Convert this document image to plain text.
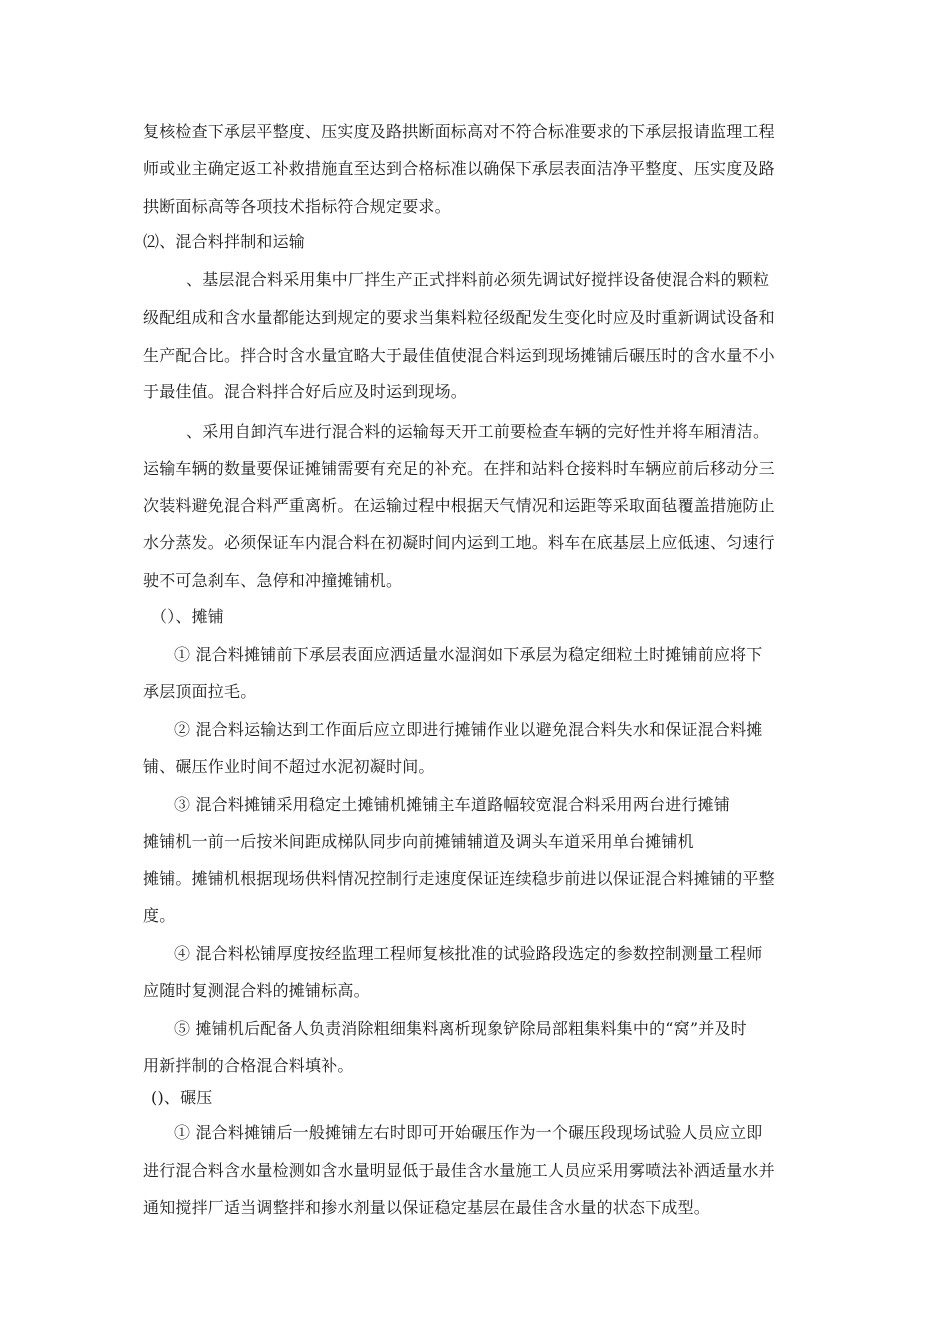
复核检查下承层平整度、压实度及路拱断面标高对不符合标准要求的下承层报请监理工程
师或业主确定返工补救措施直至达到合格标准以确保下承层表面洁净平整度、压实度及路
拱断面标高等各项技术指标符合规定要求。
⑵、混合料拌制和运输
、基层混合料采用集中厂拌生产正式拌料前必须先调试好搅拌设备使混合料的颗粒
级配组成和含水量都能达到规定的要求当集料粒径级配发生变化时应及时重新调试设备和
生产配合比。拌合时含水量宜略大于最佳值使混合料运到现场摊铺后碾压时的含水量不小
于最佳值。混合料拌合好后应及时运到现场。
、采用自卸汽车进行混合料的运输每天开工前要检查车辆的完好性并将车厢清洁。
运输车辆的数量要保证摊铺需要有充足的补充。在拌和站料仓接料时车辆应前后移动分三
次装料避免混合料严重离析。在运输过程中根据天气情况和运距等采取面毡覆盖措施防止
水分蒸发。必须保证车内混合料在初凝时间内运到工地。料车在底基层上应低速、匀速行
驶不可急刹车、急停和冲撞摊铺机。
（）、摊铺
① 混合料摊铺前下承层表面应洒适量水湿润如下承层为稳定细粒土时摊铺前应将下
承层顶面拉毛。
② 混合料运输达到工作面后应立即进行摊铺作业以避免混合料失水和保证混合料摊
铺、碾压作业时间不超过水泥初凝时间。
③ 混合料摊铺采用稳定土摊铺机摊铺主车道路幅较宽混合料采用两台进行摊铺
摊铺机一前一后按米间距成梯队同步向前摊铺辅道及调头车道采用单台摊铺机
摊铺。摊铺机根据现场供料情况控制行走速度保证连续稳步前进以保证混合料摊铺的平整
度。
④ 混合料松铺厚度按经监理工程师复核批准的试验路段选定的参数控制测量工程师
应随时复测混合料的摊铺标高。
⑤ 摊铺机后配备人负责消除粗细集料离析现象铲除局部粗集料集中的“窝”并及时
用新拌制的合格混合料填补。
()、碾压
① 混合料摊铺后一般摊铺左右时即可开始碾压作为一个碾压段现场试验人员应立即
进行混合料含水量检测如含水量明显低于最佳含水量施工人员应采用雾喷法补洒适量水并
通知搅拌厂适当调整拌和掺水剂量以保证稳定基层在最佳含水量的状态下成型。
